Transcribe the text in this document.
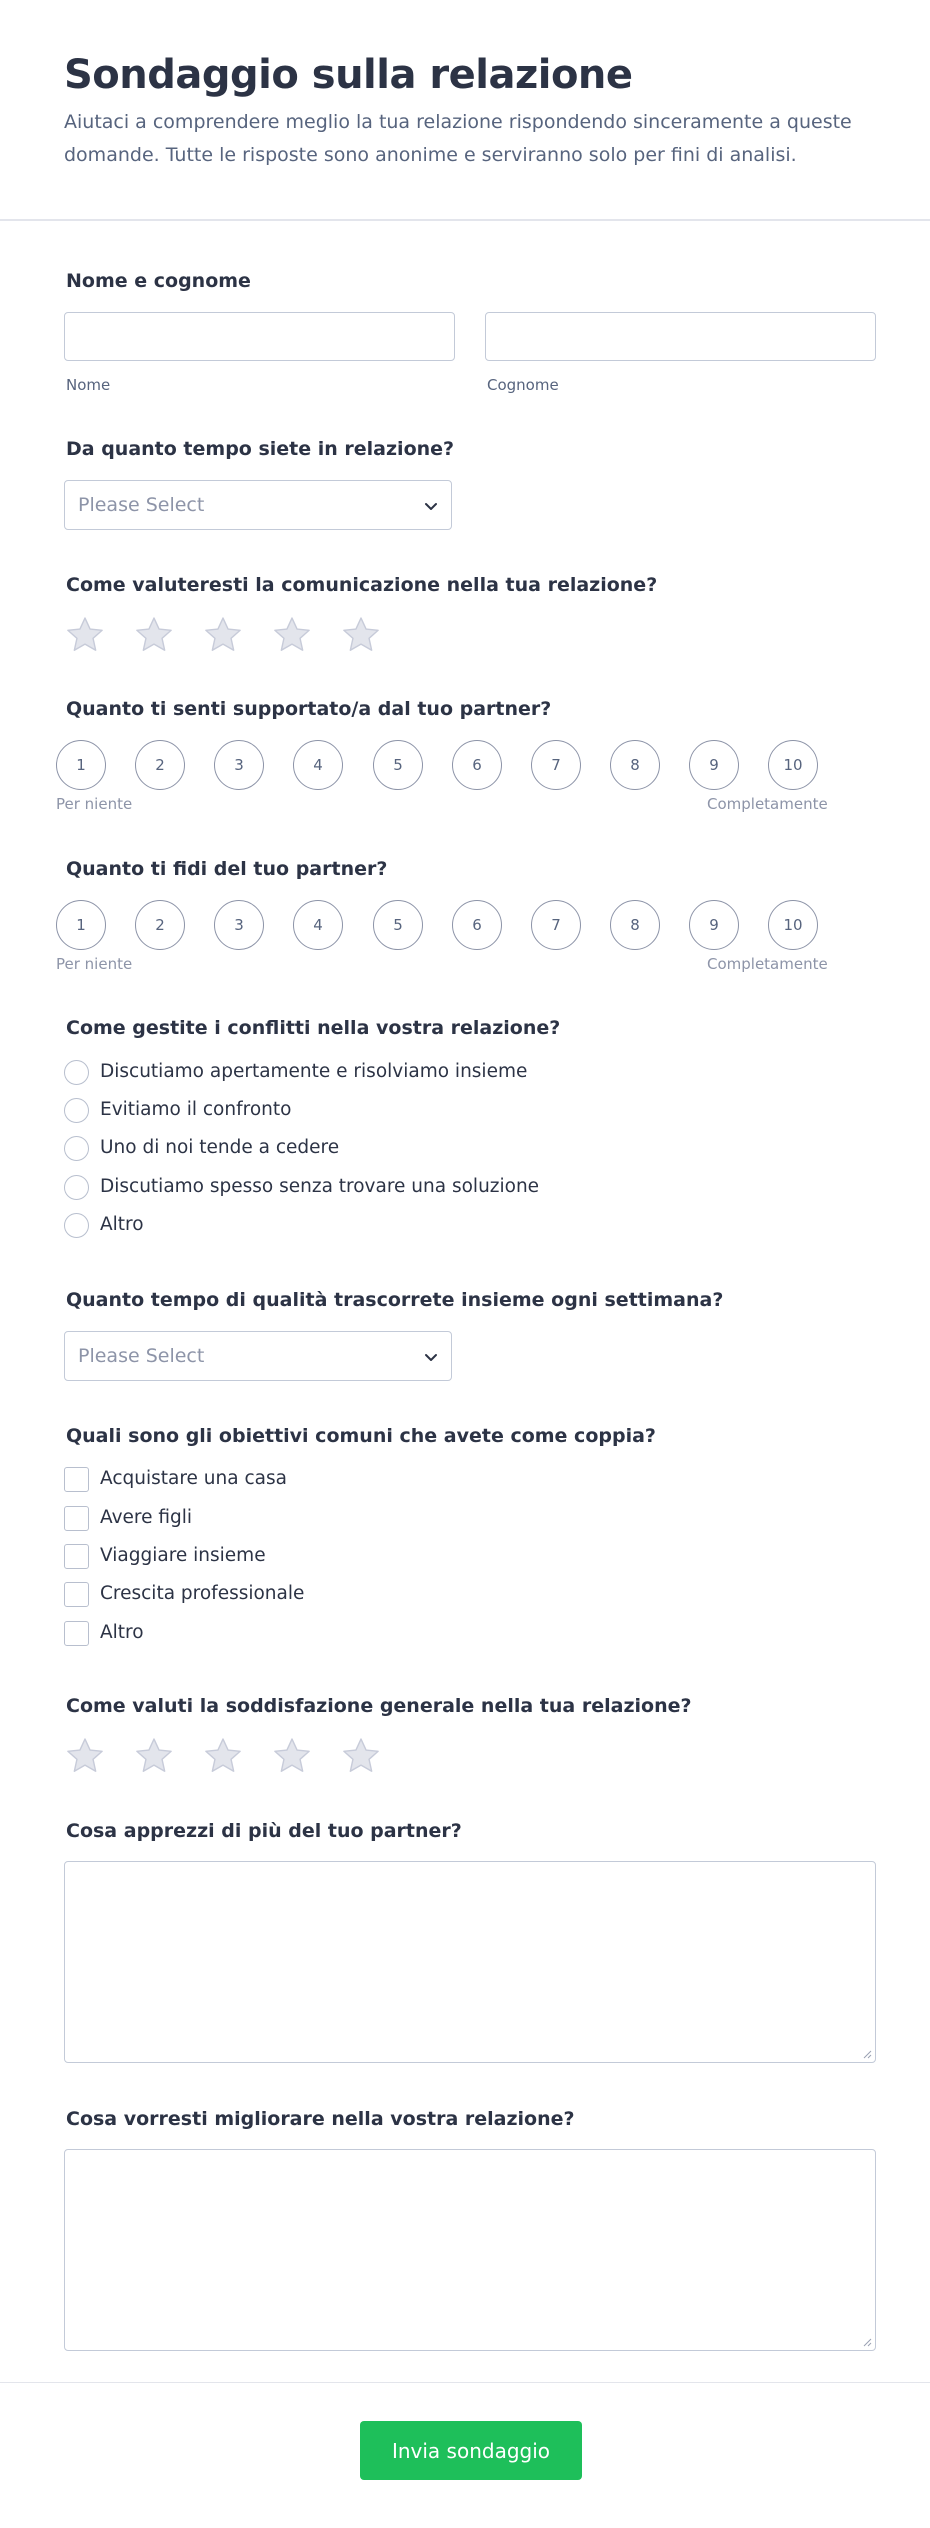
Sondaggio sulla relazione

Aiutaci a comprendere meglio la tua relazione rispondendo sinceramente a queste domande. Tutte le risposte sono anonime e serviranno solo per fini di analisi.

Nome e cognome
Nome	Cognome
Da quanto tempo siete in relazione?
Please Select
Come valuteresti la comunicazione nella tua relazione?
Quanto ti senti supportato/a dal tuo partner?
1	2	3	4	5	6	7	8	9	10
Per niente	Completamente
Quanto ti fidi del tuo partner?
1	2	3	4	5	6	7	8	9	10
Per niente	Completamente
Come gestite i conflitti nella vostra relazione?
Discutiamo apertamente e risolviamo insieme
Evitiamo il confronto
Uno di noi tende a cedere
Discutiamo spesso senza trovare una soluzione
Altro
Quanto tempo di qualità trascorrete insieme ogni settimana?
Please Select
Quali sono gli obiettivi comuni che avete come coppia?
Acquistare una casa
Avere figli
Viaggiare insieme
Crescita professionale
Altro
Come valuti la soddisfazione generale nella tua relazione?
Cosa apprezzi di più del tuo partner?
Cosa vorresti migliorare nella vostra relazione?
Invia sondaggio
